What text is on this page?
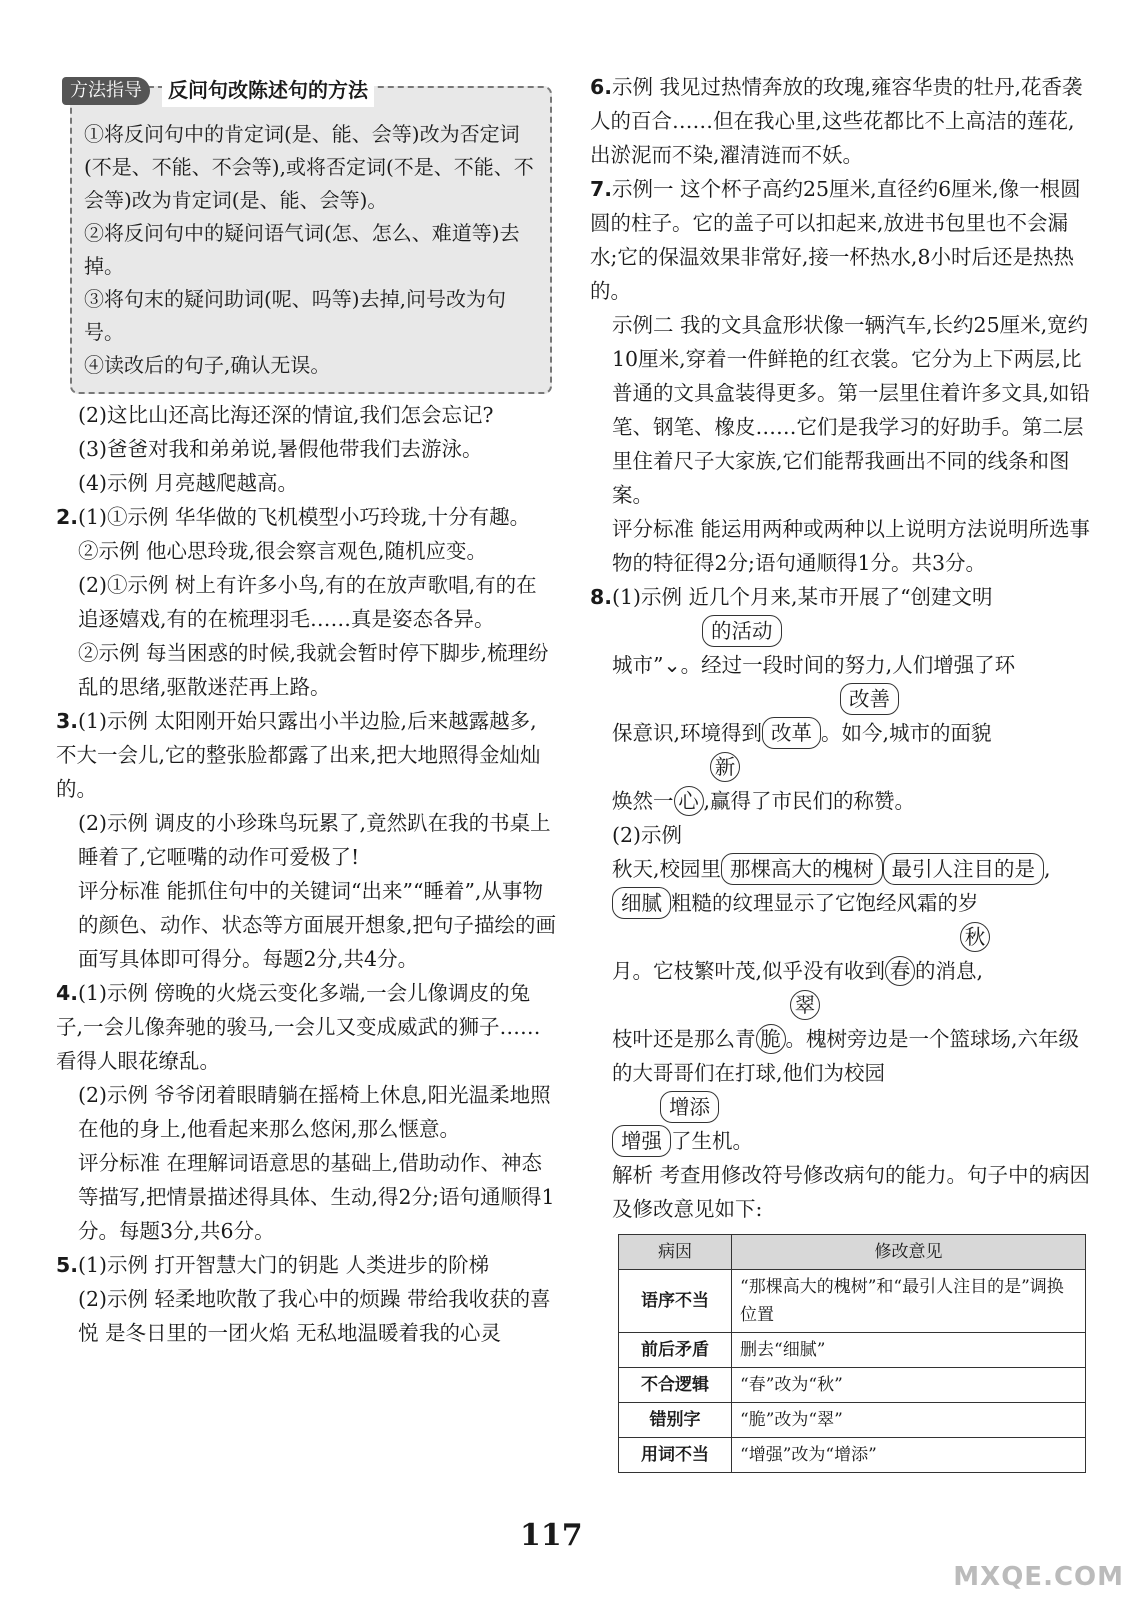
方法指导	反问句改陈述句的方法

①将反问句中的肯定词(是、能、会等)改为否定词(不是、不能、不会等),或将否定词(不是、不能、不会等)改为肯定词(是、能、会等)。

②将反问句中的疑问语气词(怎、怎么、难道等)去掉。

③将句末的疑问助词(呢、吗等)去掉,问号改为句号。

④读改后的句子,确认无误。

(2)这比山还高比海还深的情谊,我们怎会忘记?

(3)爸爸对我和弟弟说,暑假他带我们去游泳。

(4)示例 月亮越爬越高。

2.(1)①示例 华华做的飞机模型小巧玲珑,十分有趣。

②示例 他心思玲珑,很会察言观色,随机应变。

(2)①示例 树上有许多小鸟,有的在放声歌唱,有的在追逐嬉戏,有的在梳理羽毛……真是姿态各异。

②示例 每当困惑的时候,我就会暂时停下脚步,梳理纷乱的思绪,驱散迷茫再上路。

3.(1)示例 太阳刚开始只露出小半边脸,后来越露越多,不大一会儿,它的整张脸都露了出来,把大地照得金灿灿的。

(2)示例 调皮的小珍珠鸟玩累了,竟然趴在我的书桌上睡着了,它咂嘴的动作可爱极了!

评分标准 能抓住句中的关键词“出来”“睡着”,从事物的颜色、动作、状态等方面展开想象,把句子描绘的画面写具体即可得分。每题2分,共4分。

4.(1)示例 傍晚的火烧云变化多端,一会儿像调皮的兔子,一会儿像奔驰的骏马,一会儿又变成威武的狮子……看得人眼花缭乱。

(2)示例 爷爷闭着眼睛躺在摇椅上休息,阳光温柔地照在他的身上,他看起来那么悠闲,那么惬意。

评分标准 在理解词语意思的基础上,借助动作、神态等描写,把情景描述得具体、生动,得2分;语句通顺得1分。每题3分,共6分。

5.(1)示例 打开智慧大门的钥匙 人类进步的阶梯

(2)示例 轻柔地吹散了我心中的烦躁 带给我收获的喜悦 是冬日里的一团火焰 无私地温暖着我的心灵

6.示例 我见过热情奔放的玫瑰,雍容华贵的牡丹,花香袭人的百合……但在我心里,这些花都比不上高洁的莲花,出淤泥而不染,濯清涟而不妖。

7.示例一 这个杯子高约25厘米,直径约6厘米,像一根圆圆的柱子。它的盖子可以扣起来,放进书包里也不会漏水;它的保温效果非常好,接一杯热水,8小时后还是热热的。

示例二 我的文具盒形状像一辆汽车,长约25厘米,宽约10厘米,穿着一件鲜艳的红衣裳。它分为上下两层,比普通的文具盒装得更多。第一层里住着许多文具,如铅笔、钢笔、橡皮……它们是我学习的好助手。第二层里住着尺子大家族,它们能帮我画出不同的线条和图案。

评分标准 能运用两种或两种以上说明方法说明所选事物的特征得2分;语句通顺得1分。共3分。

8.(1)示例 近几个月来,某市开展了“创建文明

的活动

城市”⌄。经过一段时间的努力,人们增强了环

改善

保意识,环境得到 改革 。如今,城市的面貌

新

焕然一 心 ,赢得了市民们的称赞。

(2)示例

秋天,校园里 那棵高大的槐树 最引人注目的是 ,

细腻 粗糙的纹理显示了它饱经风霜的岁

秋

月。它枝繁叶茂,似乎没有收到 春 的消息,

翠

枝叶还是那么青 脆 。槐树旁边是一个篮球场,六年级的大哥哥们在打球,他们为校园

增添

增强 了生机。

解析 考查用修改符号修改病句的能力。句子中的病因及修改意见如下:

病因	修改意见
语序不当	“那棵高大的槐树”和“最引人注目的是”调换位置
前后矛盾	删去“细腻”
不合逻辑	“春”改为“秋”
错别字	“脆”改为“翠”
用词不当	“增强”改为“增添”
117
MXQE.COM
